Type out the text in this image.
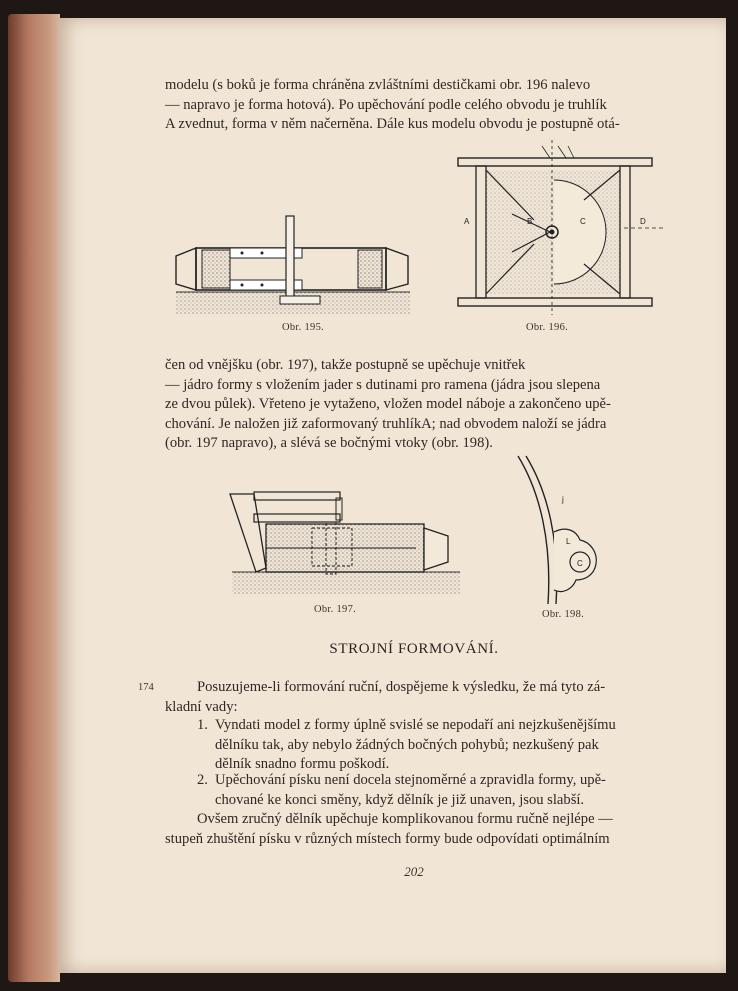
modelu (s boků je forma chráněna zvláštními destičkami obr. 196 nalevo
— napravo je forma hotová). Po upěchování podle celého obvodu je truhlík
A zvednut, forma v něm načerněna. Dále kus modelu obvodu je postupně otá-
Obr. 195.
A	B	C	D
Obr. 196.
čen od vnějšku (obr. 197), takže postupně se upěchuje vnitřek
— jádro formy s vložením jader s dutinami pro ramena (jádra jsou slepena
ze dvou půlek). Vřeteno je vytaženo, vložen model náboje a zakončeno upě-
chování. Je naložen již zaformovaný truhlíkA; nad obvodem naloží se jádra
(obr. 197 napravo), a slévá se bočnými vtoky (obr. 198).
Obr. 197.
j
L
C
Obr. 198.
STROJNÍ FORMOVÁNÍ.
174	Posuzujeme-li formování ruční, dospějeme k výsledku, že má tyto zá-
kladní vady:
1. Vyndati model z formy úplně svislé se nepodaří ani nejzkušenějšímu
dělníku tak, aby nebylo žádných bočných pohybů; nezkušený pak
dělník snadno formu poškodí.
2. Upěchování písku není docela stejnoměrné a zpravidla formy, upě-
chované ke konci směny, když dělník je již unaven, jsou slabší.
Ovšem zručný dělník upěchuje komplikovanou formu ručně nejlépe —
stupeň zhuštění písku v různých místech formy bude odpovídati optimálním
202
